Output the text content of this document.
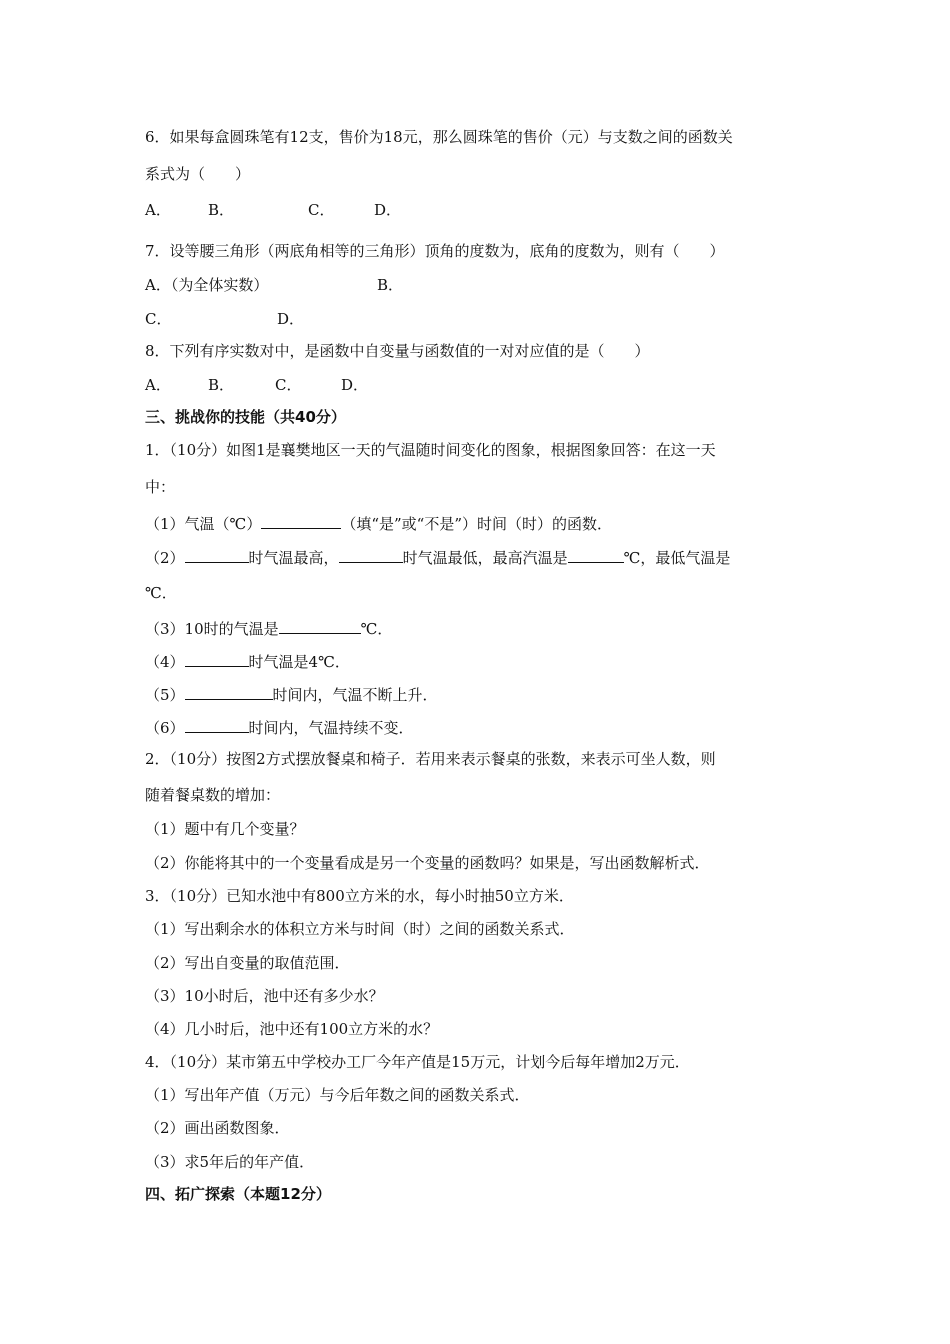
6．如果每盒圆珠笔有12支，售价为18元，那么圆珠笔的售价（元）与支数之间的函数关
系式为（　　）
A． B．	C．	D．
7．设等腰三角形（两底角相等的三角形）顶角的度数为，底角的度数为，则有（　　）
A．（为全体实数）	B．
C．	D．
8．下列有序实数对中，是函数中自变量与函数值的一对对应值的是（　　）
A． B．	C．	D．
三、挑战你的技能（共40分）
1．（10分）如图1是襄樊地区一天的气温随时间变化的图象，根据图象回答：在这一天
中：
（1）气温（℃）	（填“是”或“不是”）时间（时）的函数．
（2）	时气温最高，	时气温最低，最高汽温是	℃，最低气温是
℃．
（3）10时的气温是	℃．
（4）	时气温是4℃．
（5）	时间内，气温不断上升．
（6）	时间内，气温持续不变．
2．（10分）按图2方式摆放餐桌和椅子．若用来表示餐桌的张数，来表示可坐人数，则
随着餐桌数的增加：
（1）题中有几个变量？
（2）你能将其中的一个变量看成是另一个变量的函数吗？如果是，写出函数解析式．
3．（10分）已知水池中有800立方米的水，每小时抽50立方米．
（1）写出剩余水的体积立方米与时间（时）之间的函数关系式．
（2）写出自变量的取值范围．
（3）10小时后，池中还有多少水？
（4）几小时后，池中还有100立方米的水？
4．（10分）某市第五中学校办工厂今年产值是15万元，计划今后每年增加2万元．
（1）写出年产值（万元）与今后年数之间的函数关系式．
（2）画出函数图象．
（3）求5年后的年产值．
四、拓广探索（本题12分）
